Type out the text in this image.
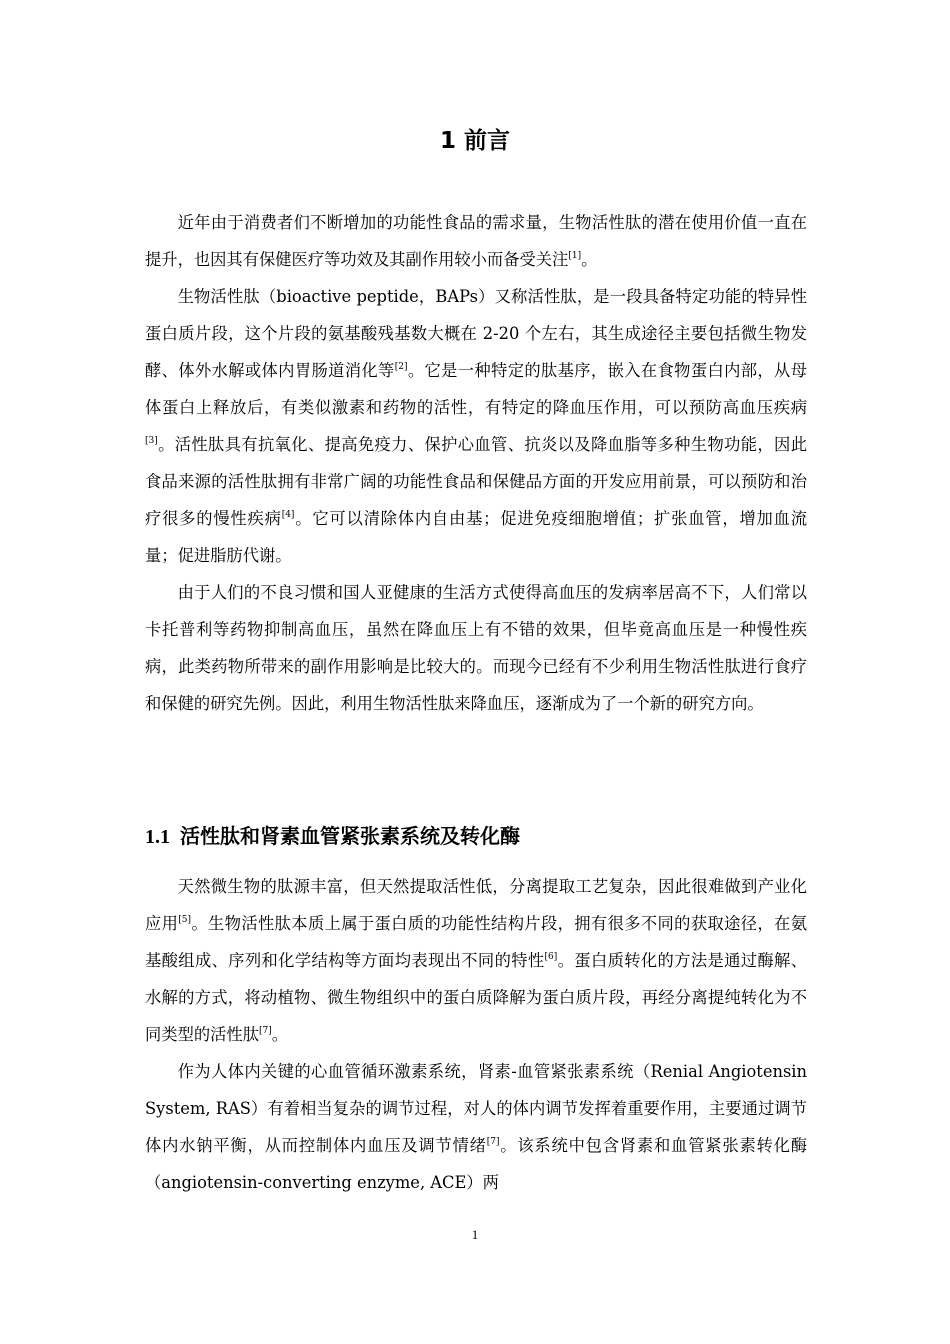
1 前言

近年由于消费者们不断增加的功能性食品的需求量，生物活性肽的潜在使用价值一直在提升，也因其有保健医疗等功效及其副作用较小而备受关注[1]。

生物活性肽（bioactive peptide，BAPs）又称活性肽，是一段具备特定功能的特异性蛋白质片段，这个片段的氨基酸残基数大概在 2-20 个左右，其生成途径主要包括微生物发酵、体外水解或体内胃肠道消化等[2]。它是一种特定的肽基序，嵌入在食物蛋白内部，从母体蛋白上释放后，有类似激素和药物的活性，有特定的降血压作用，可以预防高血压疾病[3]。活性肽具有抗氧化、提高免疫力、保护心血管、抗炎以及降血脂等多种生物功能，因此食品来源的活性肽拥有非常广阔的功能性食品和保健品方面的开发应用前景，可以预防和治疗很多的慢性疾病[4]。它可以清除体内自由基；促进免疫细胞增值；扩张血管，增加血流量；促进脂肪代谢。

由于人们的不良习惯和国人亚健康的生活方式使得高血压的发病率居高不下，人们常以卡托普利等药物抑制高血压，虽然在降血压上有不错的效果，但毕竟高血压是一种慢性疾病，此类药物所带来的副作用影响是比较大的。而现今已经有不少利用生物活性肽进行食疗和保健的研究先例。因此，利用生物活性肽来降血压，逐渐成为了一个新的研究方向。

1.1 活性肽和肾素血管紧张素系统及转化酶

天然微生物的肽源丰富，但天然提取活性低，分离提取工艺复杂，因此很难做到产业化应用[5]。生物活性肽本质上属于蛋白质的功能性结构片段，拥有很多不同的获取途径，在氨基酸组成、序列和化学结构等方面均表现出不同的特性[6]。蛋白质转化的方法是通过酶解、水解的方式，将动植物、微生物组织中的蛋白质降解为蛋白质片段，再经分离提纯转化为不同类型的活性肽[7]。

作为人体内关键的心血管循环激素系统，肾素-血管紧张素系统（Renial Angiotensin System, RAS）有着相当复杂的调节过程，对人的体内调节发挥着重要作用，主要通过调节体内水钠平衡，从而控制体内血压及调节情绪[7]。该系统中包含肾素和血管紧张素转化酶（angiotensin-converting enzyme, ACE）两

1
